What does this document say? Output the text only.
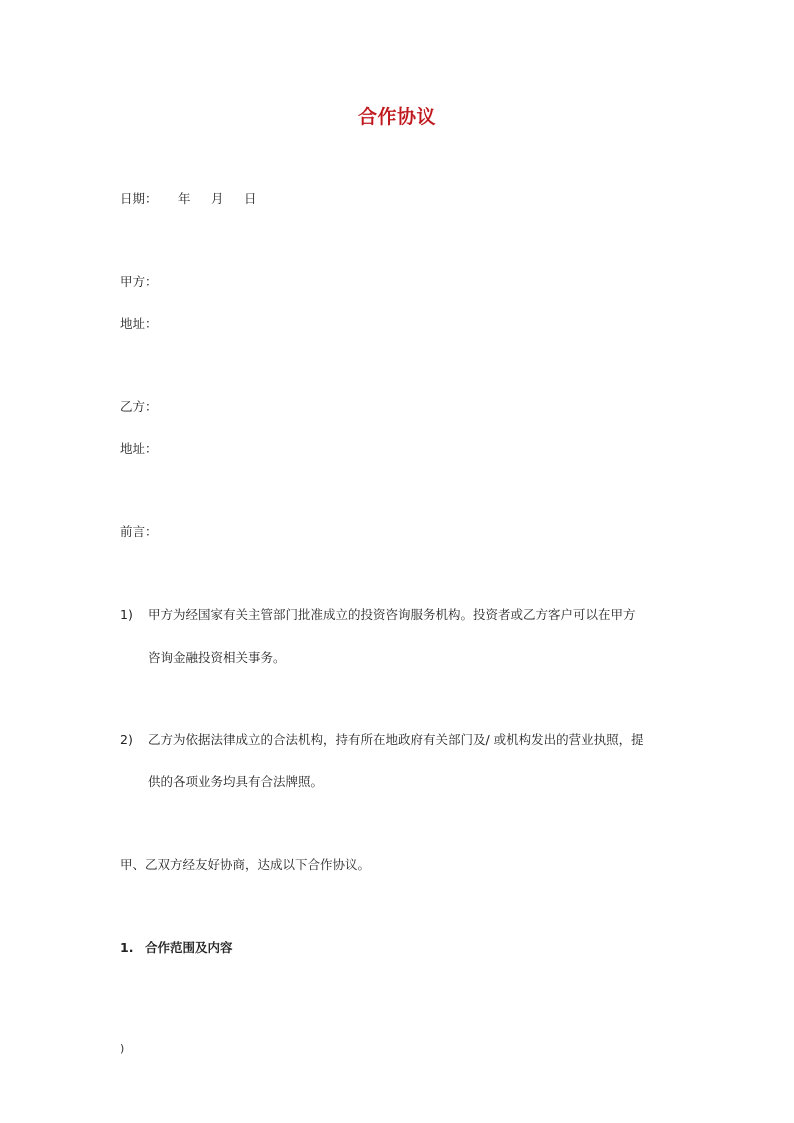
合作协议
日期： 年 月 日
甲方：
地址：
乙方：
地址：
前言：
1) 甲方为经国家有关主管部门批准成立的投资咨询服务机构。投资者或乙方客户可以在甲方
咨询金融投资相关事务。
2) 乙方为依据法律成立的合法机构，持有所在地政府有关部门及/ 或机构发出的营业执照，提
供的各项业务均具有合法牌照。
甲、乙双方经友好协商，达成以下合作协议。
1. 合作范围及内容
)
